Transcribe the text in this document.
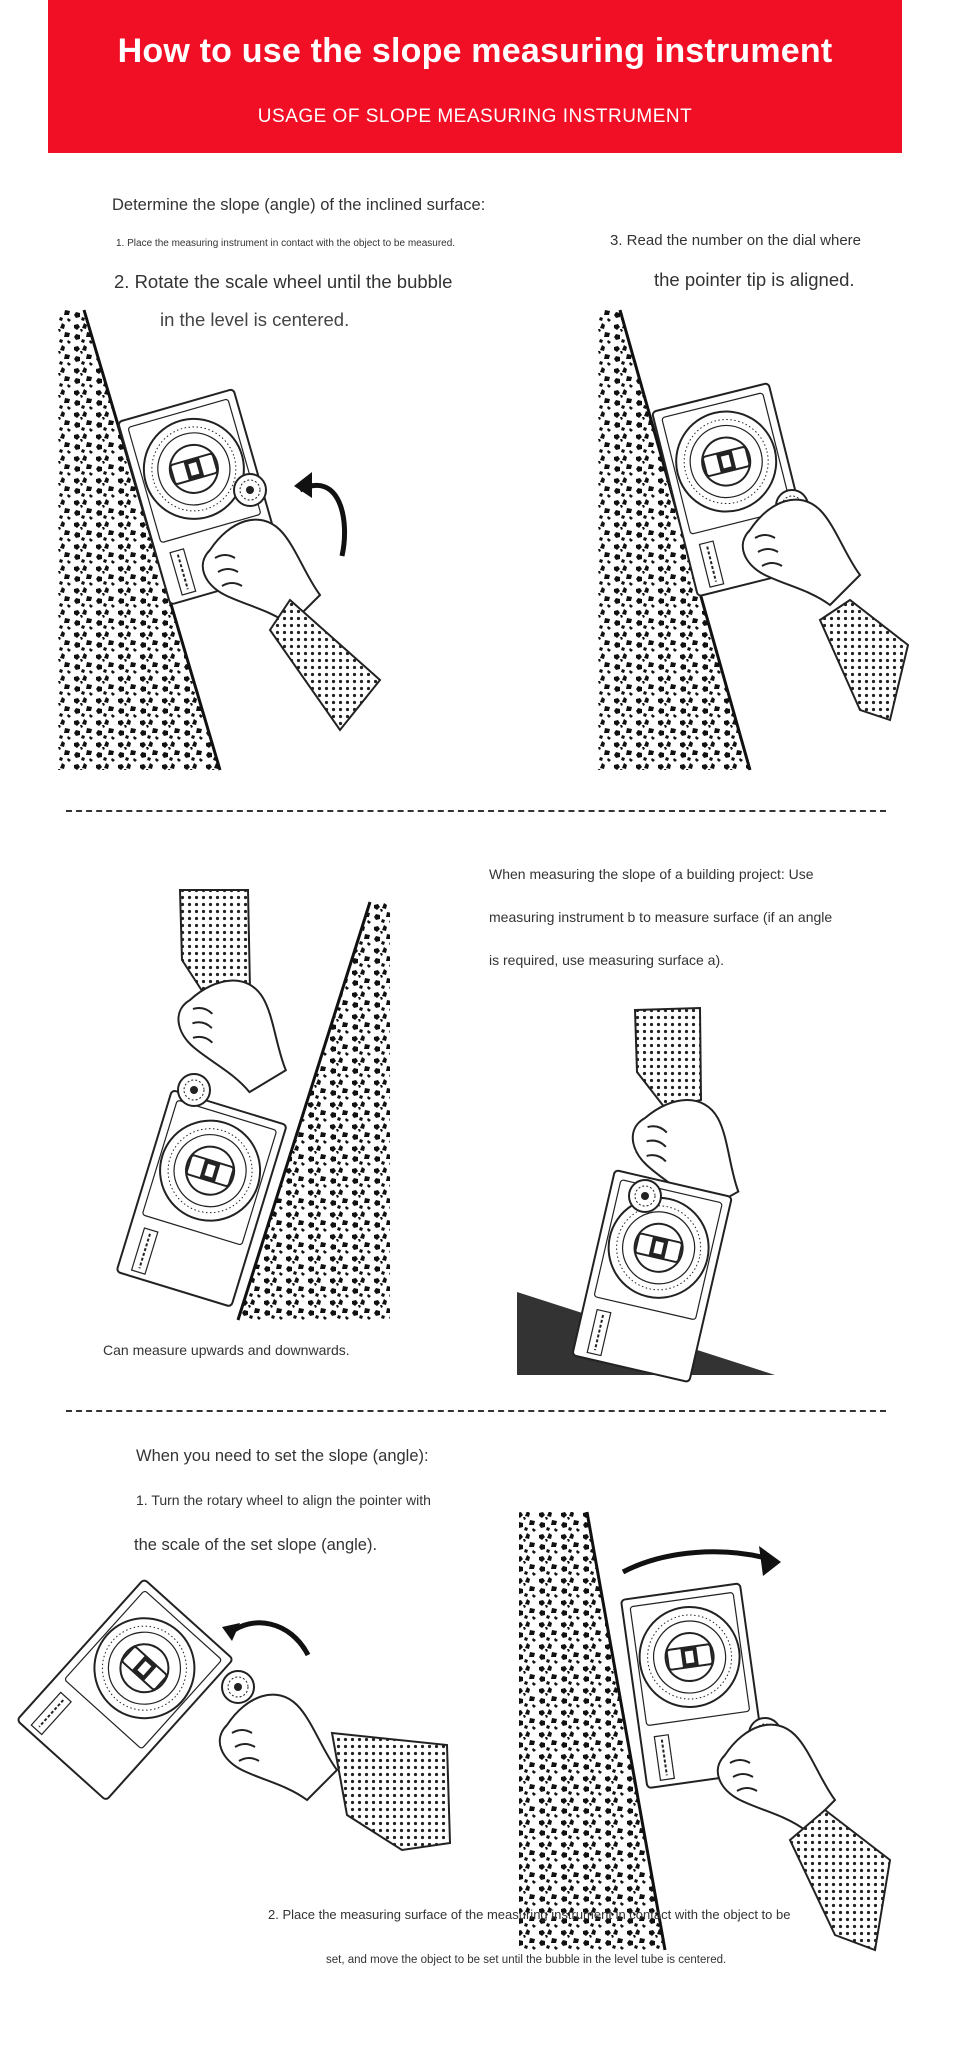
How to use the slope measuring instrument
USAGE OF SLOPE MEASURING INSTRUMENT
Determine the slope (angle) of the inclined surface:
1. Place the measuring instrument in contact with the object to be measured.
2. Rotate the scale wheel until the bubble
in the level is centered.
3. Read the number on the dial where
the pointer tip is aligned.
When measuring the slope of a building project: Use
measuring instrument b to measure surface (if an angle
is required, use measuring surface a).
Can measure upwards and downwards.
When you need to set the slope (angle):
1. Turn the rotary wheel to align the pointer with
the scale of the set slope (angle).
2. Place the measuring surface of the measuring instrument in contact with the object to be
set, and move the object to be set until the bubble in the level tube is centered.
